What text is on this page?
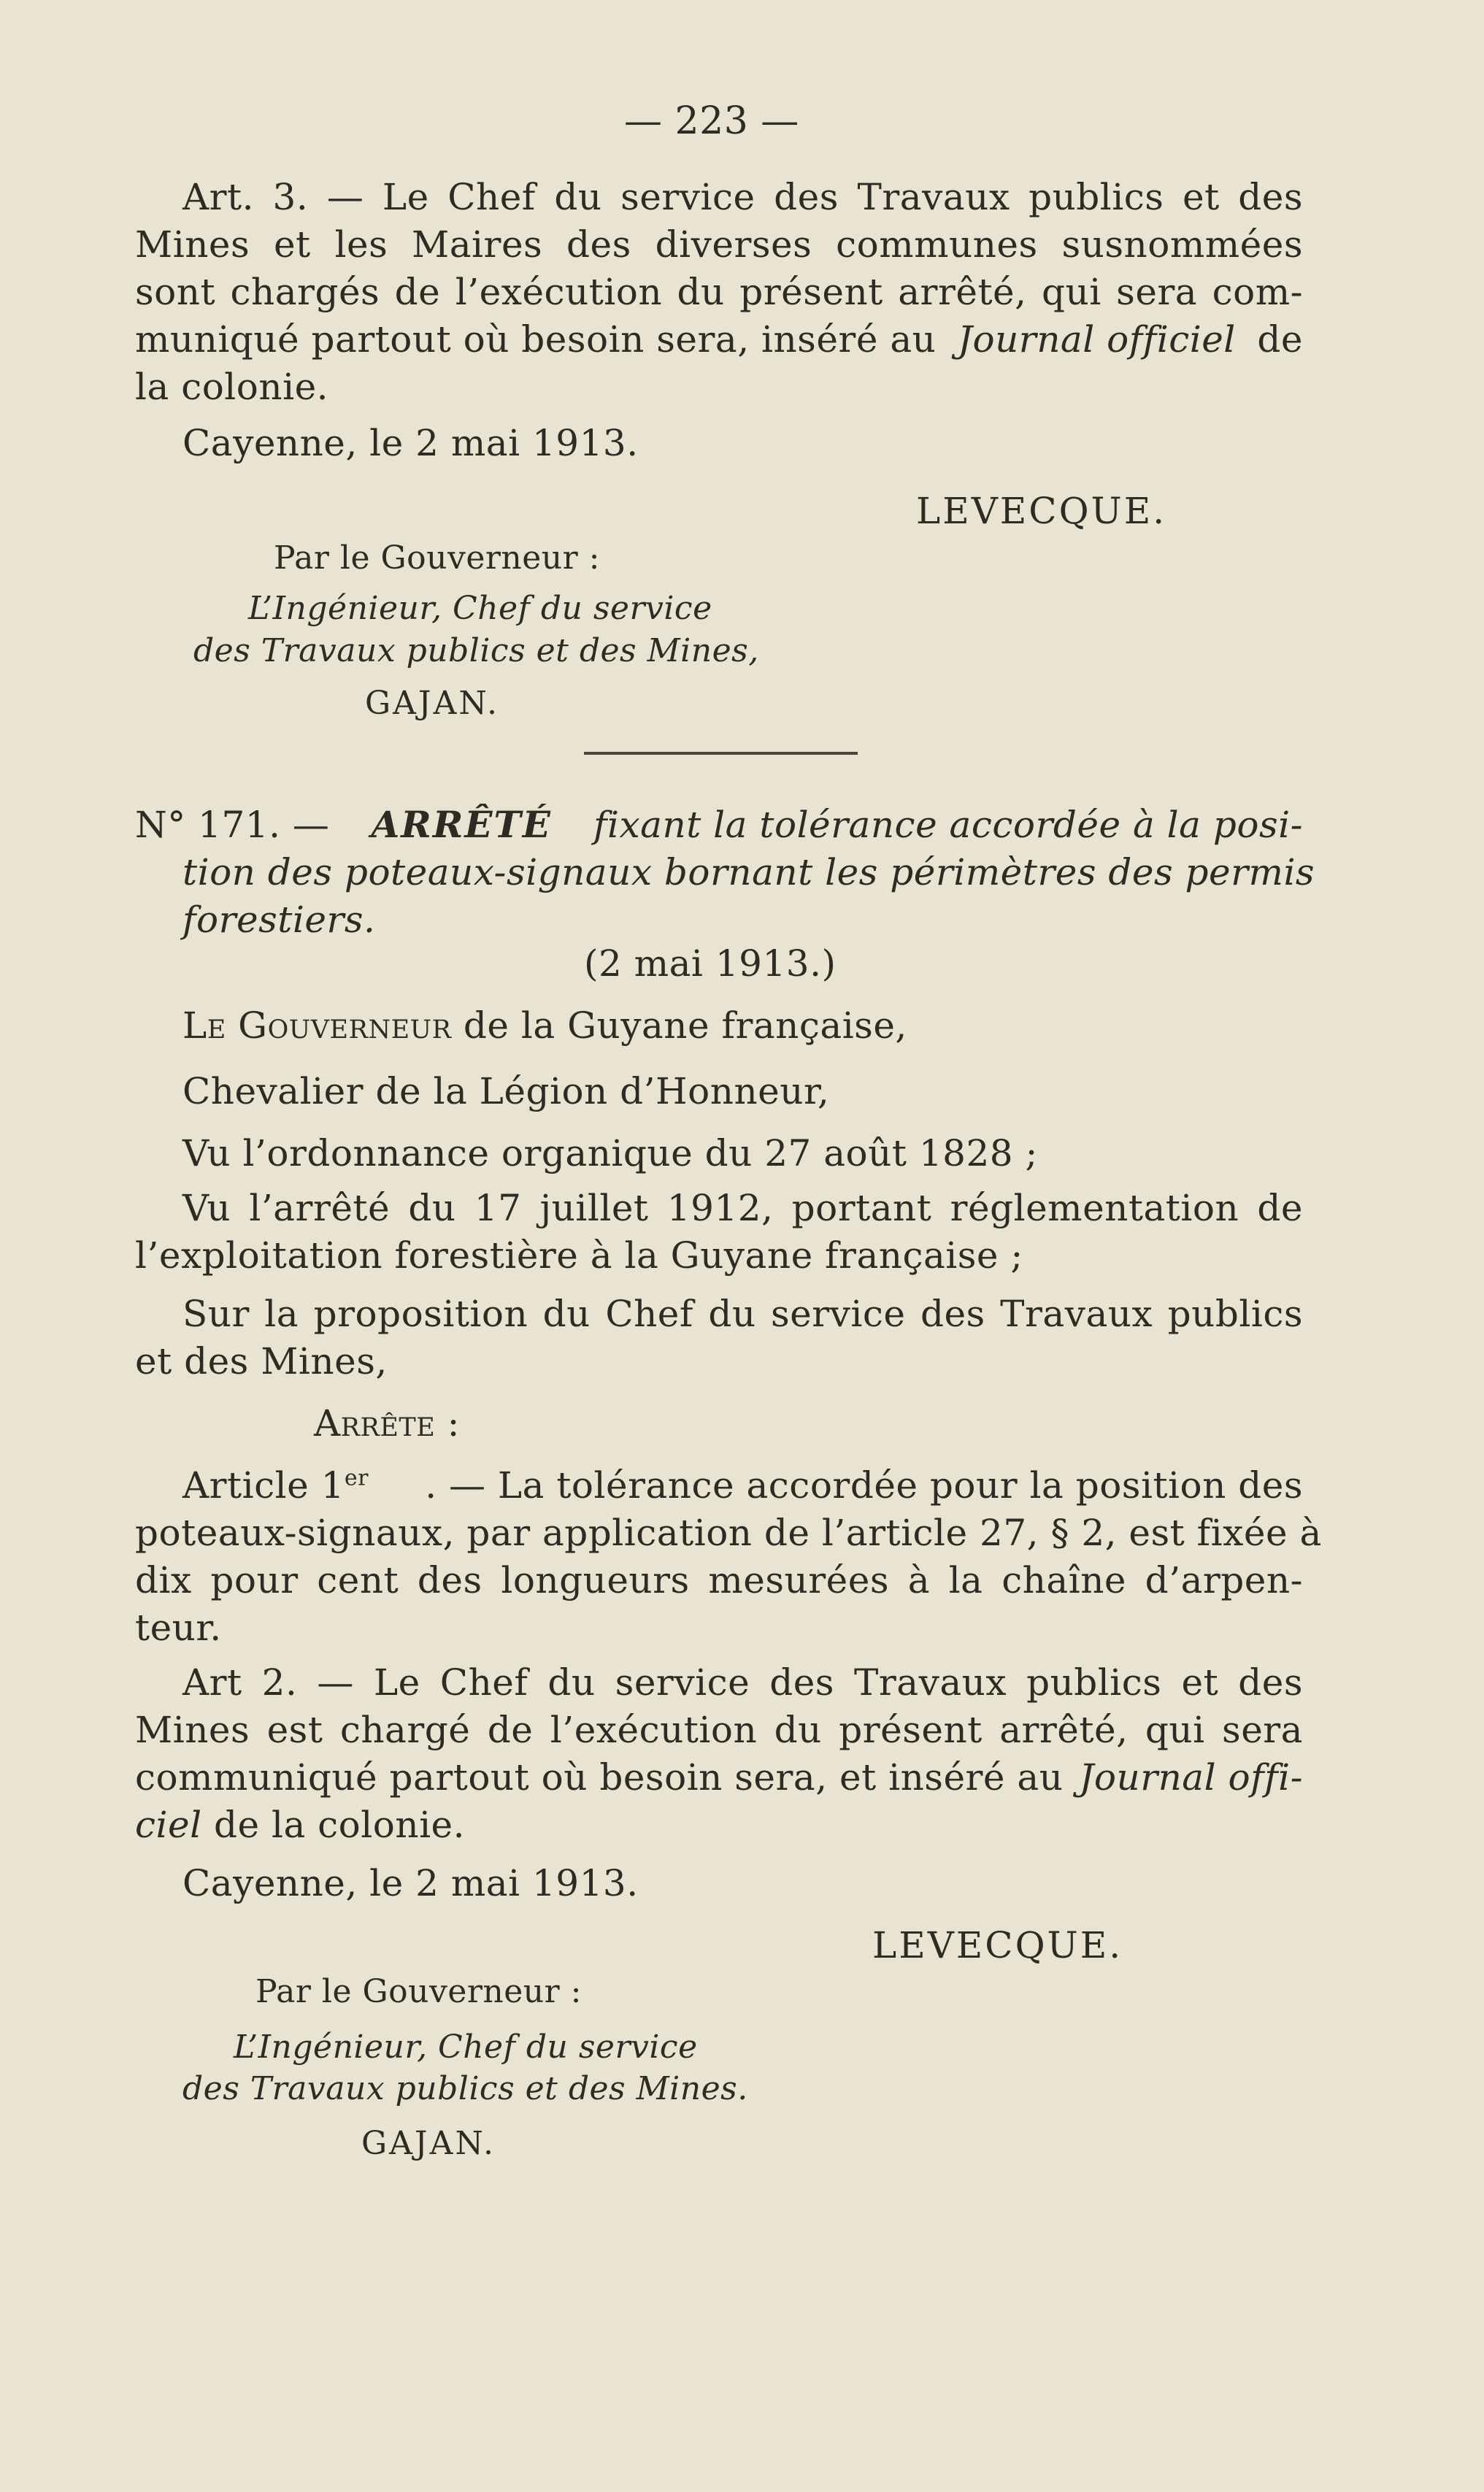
— 223 —

Art. 3. — Le Chef du service des Travaux publics et des

Mines et les Maires des diverses communes susnommées

sont chargés de l’exécution du présent arrêté, qui sera com-

muniqué partout où besoin sera, inséré au Journal officiel de

la colonie.

Cayenne, le 2 mai 1913.

LEVECQUE.

Par le Gouverneur :

L’Ingénieur, Chef du service

des Travaux publics et des Mines,

GAJAN.

N° 171. — ARRÊTÉ fixant la tolérance accordée à la posi-

tion des poteaux-signaux bornant les périmètres des permis

forestiers.

(2 mai 1913.)

Le Gouverneur de la Guyane française,

Chevalier de la Légion d’Honneur,

Vu l’ordonnance organique du 27 août 1828 ;

Vu l’arrêté du 17 juillet 1912, portant réglementation de

l’exploitation forestière à la Guyane française ;

Sur la proposition du Chef du service des Travaux publics

et des Mines,

Arrête :

Article 1er . — La tolérance accordée pour la position des

poteaux-signaux, par application de l’article 27, § 2, est fixée à

dix pour cent des longueurs mesurées à la chaîne d’arpen-

teur.

Art 2. — Le Chef du service des Travaux publics et des

Mines est chargé de l’exécution du présent arrêté, qui sera

communiqué partout où besoin sera, et inséré au Journal offi-

ciel de la colonie.

Cayenne, le 2 mai 1913.

LEVECQUE.

Par le Gouverneur :

L’Ingénieur, Chef du service

des Travaux publics et des Mines.

GAJAN.
